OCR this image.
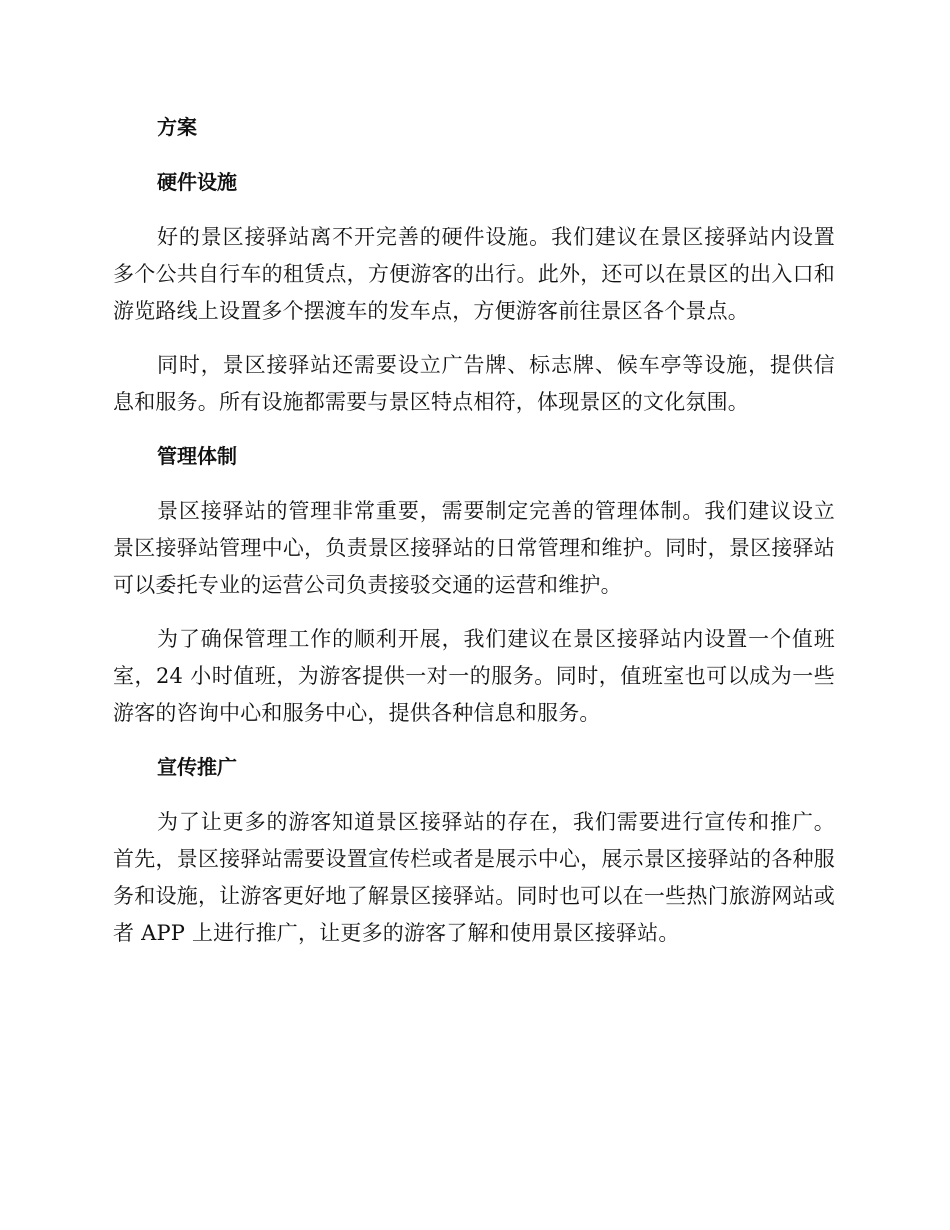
方案
硬件设施

好的景区接驿站离不开完善的硬件设施。我们建议在景区接驿站内设置多个公共自行车的租赁点，方便游客的出行。此外，还可以在景区的出入口和游览路线上设置多个摆渡车的发车点，方便游客前往景区各个景点。

同时，景区接驿站还需要设立广告牌、标志牌、候车亭等设施，提供信息和服务。所有设施都需要与景区特点相符，体现景区的文化氛围。

管理体制

景区接驿站的管理非常重要，需要制定完善的管理体制。我们建议设立景区接驿站管理中心，负责景区接驿站的日常管理和维护。同时，景区接驿站可以委托专业的运营公司负责接驳交通的运营和维护。

为了确保管理工作的顺利开展，我们建议在景区接驿站内设置一个值班室，24 小时值班，为游客提供一对一的服务。同时，值班室也可以成为一些游客的咨询中心和服务中心，提供各种信息和服务。

宣传推广

为了让更多的游客知道景区接驿站的存在，我们需要进行宣传和推广。首先，景区接驿站需要设置宣传栏或者是展示中心，展示景区接驿站的各种服务和设施，让游客更好地了解景区接驿站。同时也可以在一些热门旅游网站或者 APP 上进行推广，让更多的游客了解和使用景区接驿站。
